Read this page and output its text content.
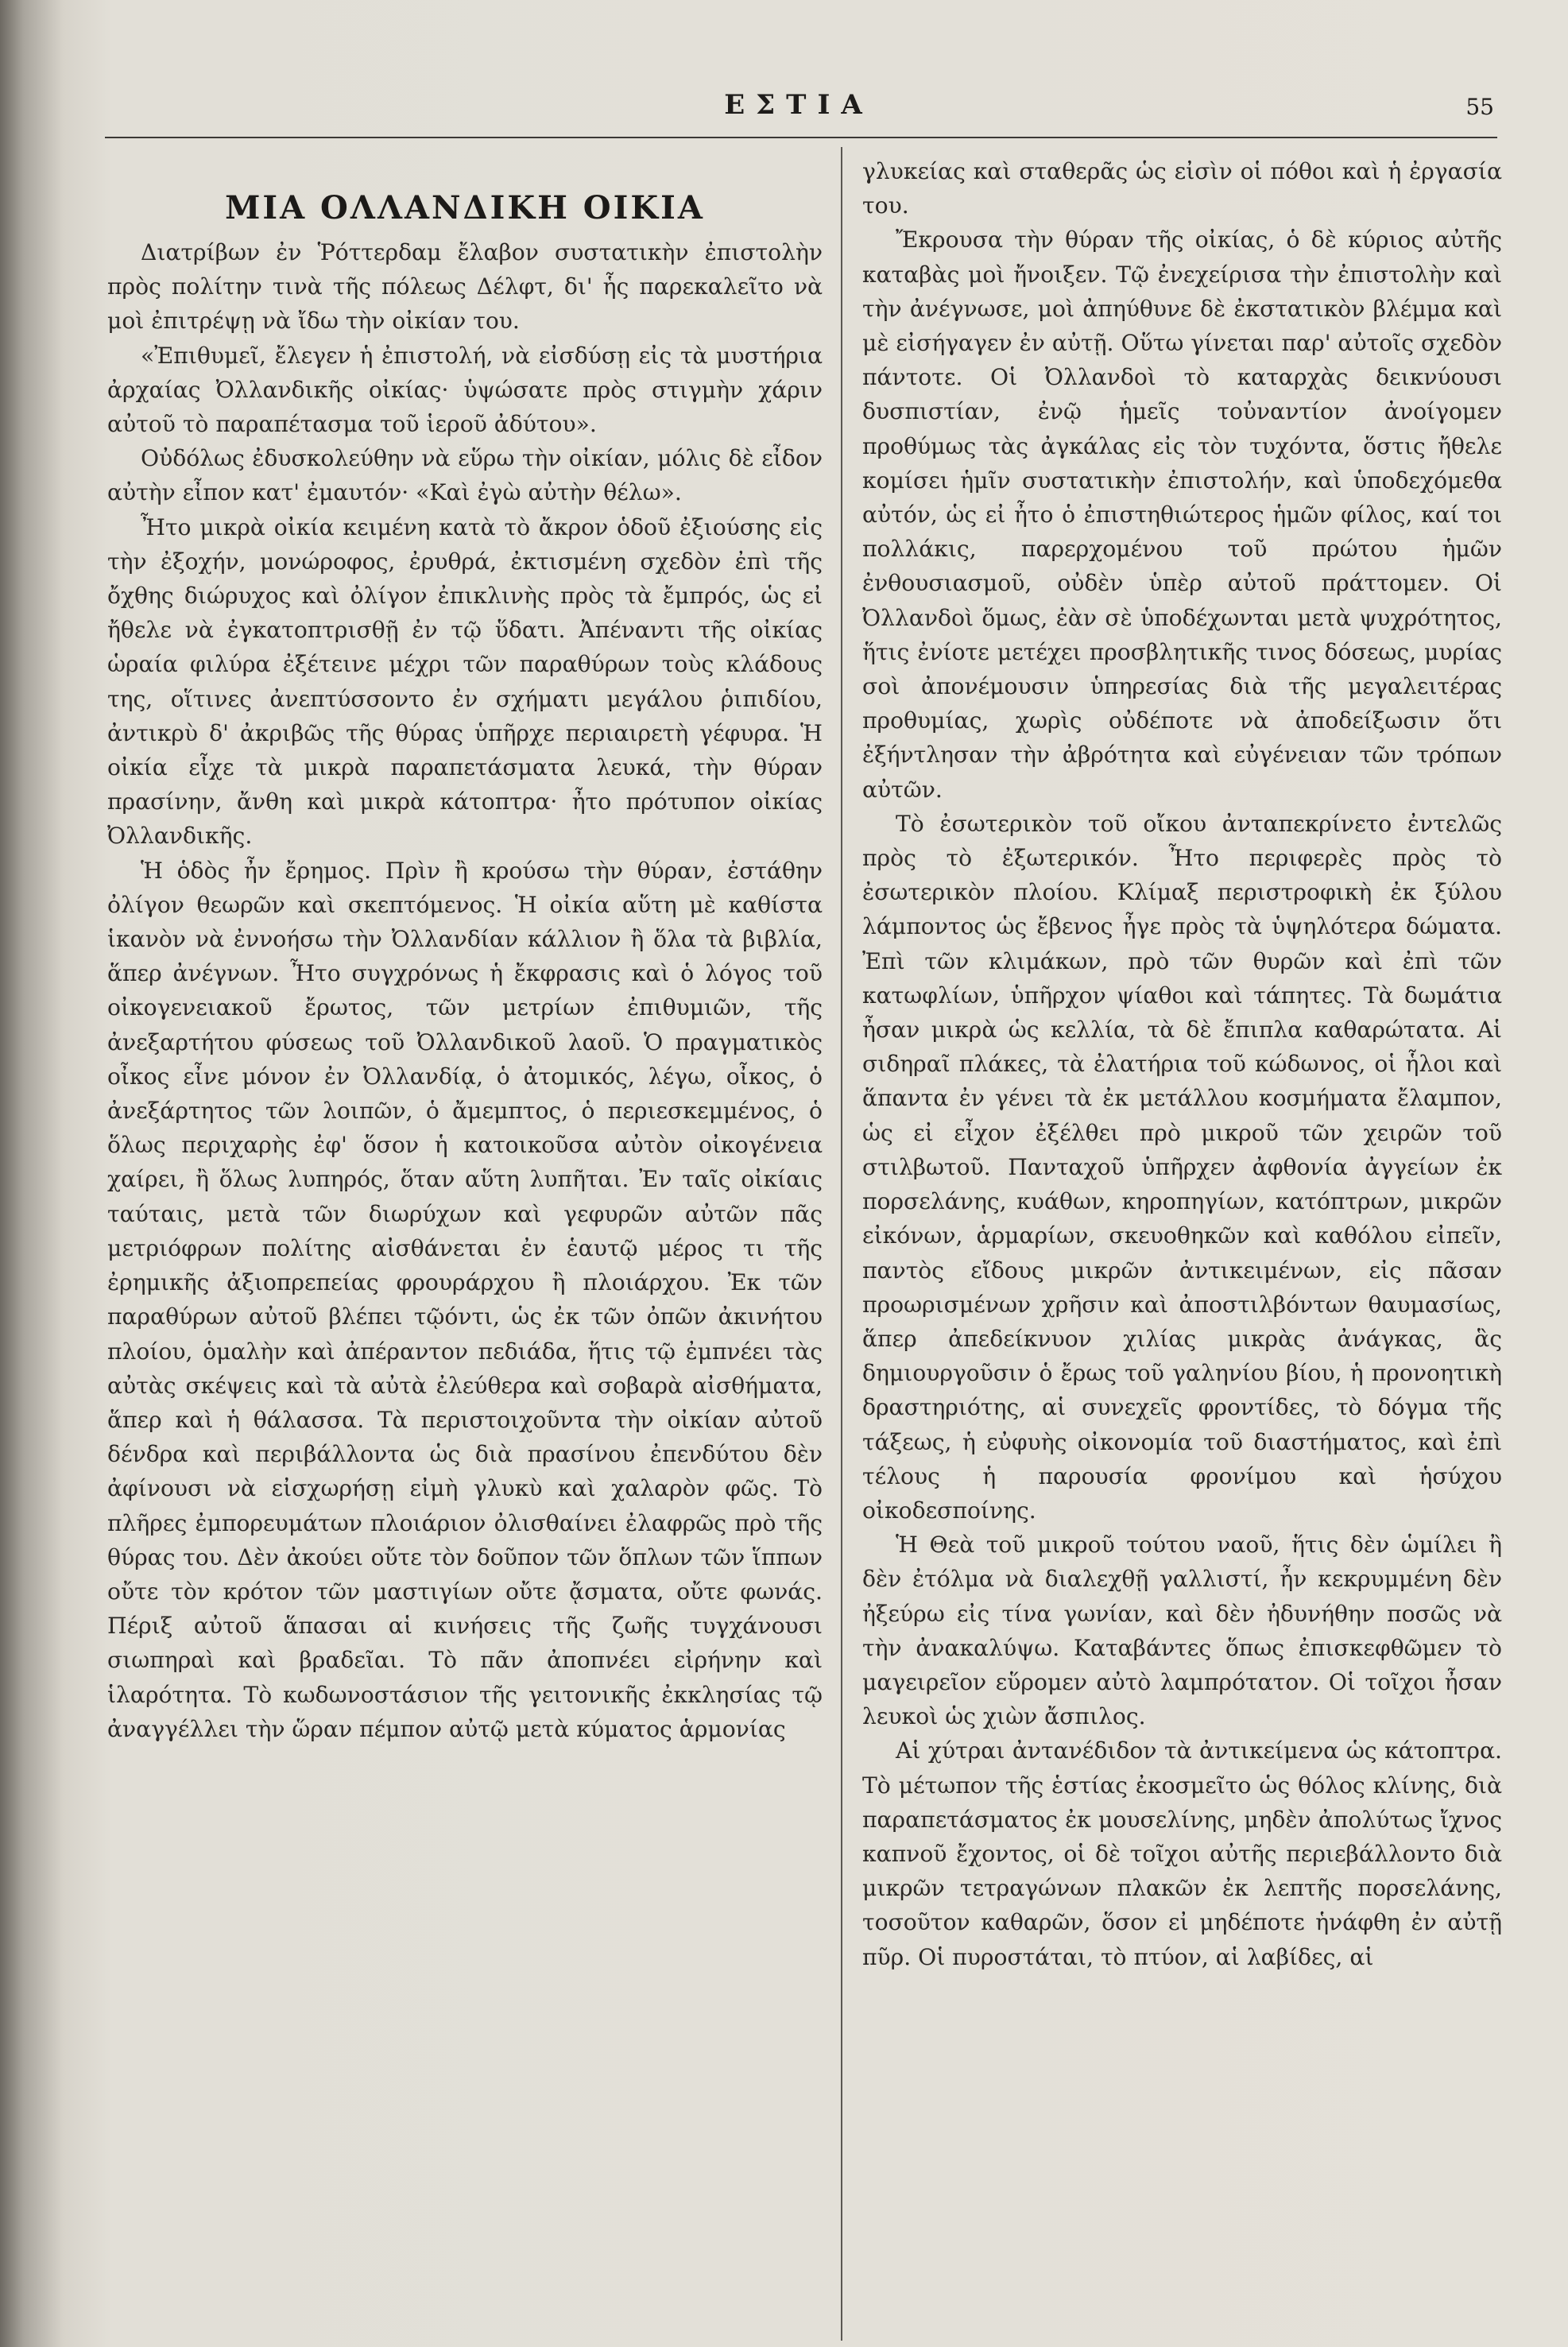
ΕΣΤΙΑ	55
ΜΙΑ ΟΛΛΑΝΔΙΚΗ ΟΙΚΙΑ

Διατρίβων ἐν Ῥόττερδαμ ἔλαβον συστατικὴν ἐπιστολὴν πρὸς πολίτην τινὰ τῆς πόλεως Δέλφτ, δι' ἧς παρεκαλεῖτο νὰ μοὶ ἐπιτρέψῃ νὰ ἴδω τὴν οἰκίαν του.

«Ἐπιθυμεῖ, ἔλεγεν ἡ ἐπιστολή, νὰ εἰσδύσῃ εἰς τὰ μυστήρια ἀρχαίας Ὀλλανδικῆς οἰκίας· ὑψώσατε πρὸς στιγμὴν χάριν αὐτοῦ τὸ παραπέτασμα τοῦ ἱεροῦ ἀδύτου».

Οὐδόλως ἐδυσκολεύθην νὰ εὕρω τὴν οἰκίαν, μόλις δὲ εἶδον αὐτὴν εἶπον κατ' ἐμαυτόν· «Καὶ ἐγὼ αὐτὴν θέλω».

Ἦτο μικρὰ οἰκία κειμένη κατὰ τὸ ἄκρον ὁδοῦ ἐξιούσης εἰς τὴν ἐξοχήν, μονώροφος, ἐρυθρά, ἐκτισμένη σχεδὸν ἐπὶ τῆς ὄχθης διώρυχος καὶ ὀλίγον ἐπικλινὴς πρὸς τὰ ἔμπρός, ὡς εἰ ἤθελε νὰ ἐγκατοπτρισθῇ ἐν τῷ ὕδατι. Ἀπέναντι τῆς οἰκίας ὡραία φιλύρα ἐξέτεινε μέχρι τῶν παραθύρων τοὺς κλάδους της, οἵτινες ἀνεπτύσσοντο ἐν σχήματι μεγάλου ῥιπιδίου, ἀντικρὺ δ' ἀκριβῶς τῆς θύρας ὑπῆρχε περιαιρετὴ γέφυρα. Ἡ οἰκία εἶχε τὰ μικρὰ παραπετάσματα λευκά, τὴν θύραν πρασίνην, ἄνθη καὶ μικρὰ κάτοπτρα· ἦτο πρότυπον οἰκίας Ὀλλανδικῆς.

Ἡ ὁδὸς ἦν ἔρημος. Πρὶν ἢ κρούσω τὴν θύραν, ἐστάθην ὀλίγον θεωρῶν καὶ σκεπτόμενος. Ἡ οἰκία αὕτη μὲ καθίστα ἱκανὸν νὰ ἐννοήσω τὴν Ὀλλανδίαν κάλλιον ἢ ὅλα τὰ βιβλία, ἅπερ ἀνέγνων. Ἦτο συγχρόνως ἡ ἔκφρασις καὶ ὁ λόγος τοῦ οἰκογενειακοῦ ἔρωτος, τῶν μετρίων ἐπιθυμιῶν, τῆς ἀνεξαρτήτου φύσεως τοῦ Ὀλλανδικοῦ λαοῦ. Ὁ πραγματικὸς οἶκος εἶνε μόνον ἐν Ὀλλανδίᾳ, ὁ ἀτομικός, λέγω, οἶκος, ὁ ἀνεξάρτητος τῶν λοιπῶν, ὁ ἄμεμπτος, ὁ περιεσκεμμένος, ὁ ὅλως περιχαρὴς ἐφ' ὅσον ἡ κατοικοῦσα αὐτὸν οἰκογένεια χαίρει, ἢ ὅλως λυπηρός, ὅταν αὕτη λυπῆται. Ἐν ταῖς οἰκίαις ταύταις, μετὰ τῶν διωρύχων καὶ γεφυρῶν αὐτῶν πᾶς μετριόφρων πολίτης αἰσθάνεται ἐν ἑαυτῷ μέρος τι τῆς ἐρημικῆς ἀξιοπρεπείας φρουράρχου ἢ πλοιάρχου. Ἐκ τῶν παραθύρων αὐτοῦ βλέπει τῷόντι, ὡς ἐκ τῶν ὀπῶν ἀκινήτου πλοίου, ὁμαλὴν καὶ ἀπέραντον πεδιάδα, ἥτις τῷ ἐμπνέει τὰς αὐτὰς σκέψεις καὶ τὰ αὐτὰ ἐλεύθερα καὶ σοβαρὰ αἰσθήματα, ἅπερ καὶ ἡ θάλασσα. Τὰ περιστοιχοῦντα τὴν οἰκίαν αὐτοῦ δένδρα καὶ περιβάλλοντα ὡς διὰ πρασίνου ἐπενδύτου δὲν ἀφίνουσι νὰ εἰσχωρήσῃ εἰμὴ γλυκὺ καὶ χαλαρὸν φῶς. Τὸ πλῆρες ἐμπορευμάτων πλοιάριον ὀλισθαίνει ἐλαφρῶς πρὸ τῆς θύρας του. Δὲν ἀκούει οὔτε τὸν δοῦπον τῶν ὅπλων τῶν ἵππων οὔτε τὸν κρότον τῶν μαστιγίων οὔτε ᾄσματα, οὔτε φωνάς. Πέριξ αὐτοῦ ἅπασαι αἱ κινήσεις τῆς ζωῆς τυγχάνουσι σιωπηραὶ καὶ βραδεῖαι. Τὸ πᾶν ἀποπνέει εἰρήνην καὶ ἱλαρότητα. Τὸ κωδωνοστάσιον τῆς γειτονικῆς ἐκκλησίας τῷ ἀναγγέλλει τὴν ὥραν πέμπον αὐτῷ μετὰ κύματος ἁρμονίας

γλυκείας καὶ σταθερᾶς ὡς εἰσὶν οἱ πόθοι καὶ ἡ ἐργασία του.

Ἔκρουσα τὴν θύραν τῆς οἰκίας, ὁ δὲ κύριος αὐτῆς καταβὰς μοὶ ἤνοιξεν. Τῷ ἐνεχείρισα τὴν ἐπιστολὴν καὶ τὴν ἀνέγνωσε, μοὶ ἀπηύθυνε δὲ ἐκστατικὸν βλέμμα καὶ μὲ εἰσήγαγεν ἐν αὐτῇ. Οὕτω γίνεται παρ' αὐτοῖς σχεδὸν πάντοτε. Οἱ Ὀλλανδοὶ τὸ καταρχὰς δεικνύουσι δυσπιστίαν, ἐνῷ ἡμεῖς τοὐναντίον ἀνοίγομεν προθύμως τὰς ἀγκάλας εἰς τὸν τυχόντα, ὅστις ἤθελε κομίσει ἡμῖν συστατικὴν ἐπιστολήν, καὶ ὑποδεχόμεθα αὐτόν, ὡς εἰ ἦτο ὁ ἐπιστηθιώτερος ἡμῶν φίλος, καί τοι πολλάκις, παρερχομένου τοῦ πρώτου ἡμῶν ἐνθουσιασμοῦ, οὐδὲν ὑπὲρ αὐτοῦ πράττομεν. Οἱ Ὀλλανδοὶ ὅμως, ἐὰν σὲ ὑποδέχωνται μετὰ ψυχρότητος, ἥτις ἐνίοτε μετέχει προσβλητικῆς τινος δόσεως, μυρίας σοὶ ἀπονέμουσιν ὑπηρεσίας διὰ τῆς μεγαλειτέρας προθυμίας, χωρὶς οὐδέποτε νὰ ἀποδείξωσιν ὅτι ἐξήντλησαν τὴν ἀβρότητα καὶ εὐγένειαν τῶν τρόπων αὐτῶν.

Τὸ ἐσωτερικὸν τοῦ οἴκου ἀνταπεκρίνετο ἐντελῶς πρὸς τὸ ἐξωτερικόν. Ἦτο περιφερὲς πρὸς τὸ ἐσωτερικὸν πλοίου. Κλίμαξ περιστροφικὴ ἐκ ξύλου λάμποντος ὡς ἔβενος ἦγε πρὸς τὰ ὑψηλότερα δώματα. Ἐπὶ τῶν κλιμάκων, πρὸ τῶν θυρῶν καὶ ἐπὶ τῶν κατωφλίων, ὑπῆρχον ψίαθοι καὶ τάπητες. Τὰ δωμάτια ἦσαν μικρὰ ὡς κελλία, τὰ δὲ ἔπιπλα καθαρώτατα. Αἱ σιδηραῖ πλάκες, τὰ ἐλατήρια τοῦ κώδωνος, οἱ ἧλοι καὶ ἅπαντα ἐν γένει τὰ ἐκ μετάλλου κοσμήματα ἔλαμπον, ὡς εἰ εἶχον ἐξέλθει πρὸ μικροῦ τῶν χειρῶν τοῦ στιλβωτοῦ. Πανταχοῦ ὑπῆρχεν ἀφθονία ἀγγείων ἐκ πορσελάνης, κυάθων, κηροπηγίων, κατόπτρων, μικρῶν εἰκόνων, ἁρμαρίων, σκευοθηκῶν καὶ καθόλου εἰπεῖν, παντὸς εἴδους μικρῶν ἀντικειμένων, εἰς πᾶσαν προωρισμένων χρῆσιν καὶ ἀποστιλβόντων θαυμασίως, ἅπερ ἀπεδείκνυον χιλίας μικρὰς ἀνάγκας, ἃς δημιουργοῦσιν ὁ ἔρως τοῦ γαληνίου βίου, ἡ προνοητικὴ δραστηριότης, αἱ συνεχεῖς φροντίδες, τὸ δόγμα τῆς τάξεως, ἡ εὐφυὴς οἰκονομία τοῦ διαστήματος, καὶ ἐπὶ τέλους ἡ παρουσία φρονίμου καὶ ἡσύχου οἰκοδεσποίνης.

Ἡ Θεὰ τοῦ μικροῦ τούτου ναοῦ, ἥτις δὲν ὡμίλει ἢ δὲν ἐτόλμα νὰ διαλεχθῇ γαλλιστί, ἦν κεκρυμμένη δὲν ἠξεύρω εἰς τίνα γωνίαν, καὶ δὲν ἠδυνήθην ποσῶς νὰ τὴν ἀνακαλύψω. Καταβάντες ὅπως ἐπισκεφθῶμεν τὸ μαγειρεῖον εὕρομεν αὐτὸ λαμπρότατον. Οἱ τοῖχοι ἦσαν λευκοὶ ὡς χιὼν ἄσπιλος.

Αἱ χύτραι ἀντανέδιδον τὰ ἀντικείμενα ὡς κάτοπτρα. Τὸ μέτωπον τῆς ἑστίας ἐκοσμεῖτο ὡς θόλος κλίνης, διὰ παραπετάσματος ἐκ μουσελίνης, μηδὲν ἀπολύτως ἴχνος καπνοῦ ἔχοντος, οἱ δὲ τοῖχοι αὐτῆς περιεβάλλοντο διὰ μικρῶν τετραγώνων πλακῶν ἐκ λεπτῆς πορσελάνης, τοσοῦτον καθαρῶν, ὅσον εἰ μηδέποτε ἡνάφθη ἐν αὐτῇ πῦρ. Οἱ πυροστάται, τὸ πτύον, αἱ λαβίδες, αἱ
